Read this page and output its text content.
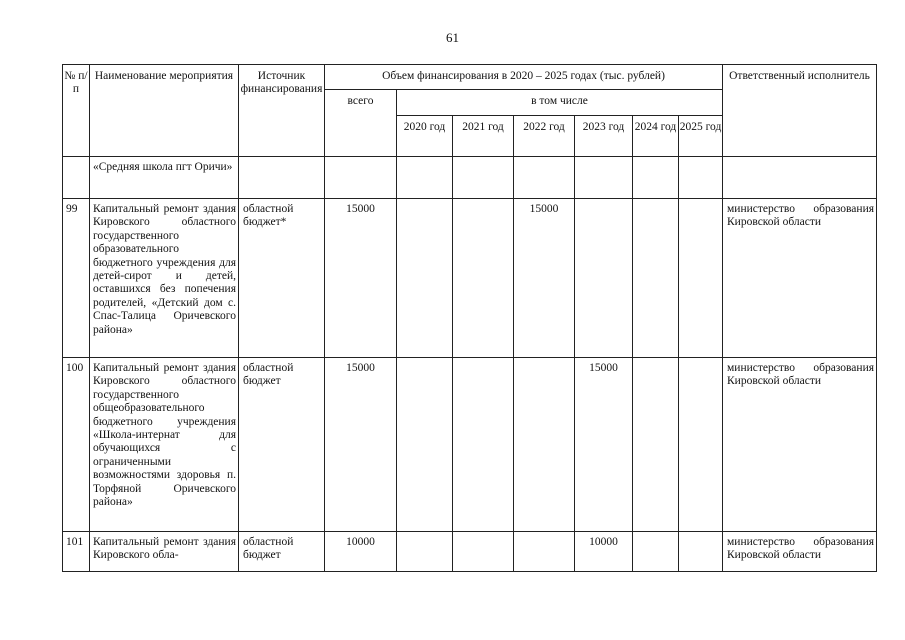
61
№ п/п	Наименование мероприятия	Источник финансирования	Объем финансирования в 2020 – 2025 годах (тыс. рублей)							Ответственный исполнитель
			всего	в том числе						
				2020 год	2021 год	2022 год	2023 год	2024 год	2025 год	
	«Средняя школа пгт Оричи»									
99	Капитальный ремонт здания Кировского областного государственного образовательного бюджетного учреждения для детей-сирот и детей, оставшихся без попечения родителей, «Детский дом с. Спас-Талица Оричевского района»	областной бюджет*	15000			15000				министерство образования Кировской области
100	Капитальный ремонт здания Кировского областного государственного общеобразовательного бюджетного учреждения «Школа-интернат для обучающихся с ограниченными возможностями здоровья п. Торфяной Оричевского района»	областной бюджет	15000				15000			министерство образования Кировской области
101	Капитальный ремонт здания Кировского обла-	областной бюджет	10000				10000			министерство образования Кировской области
